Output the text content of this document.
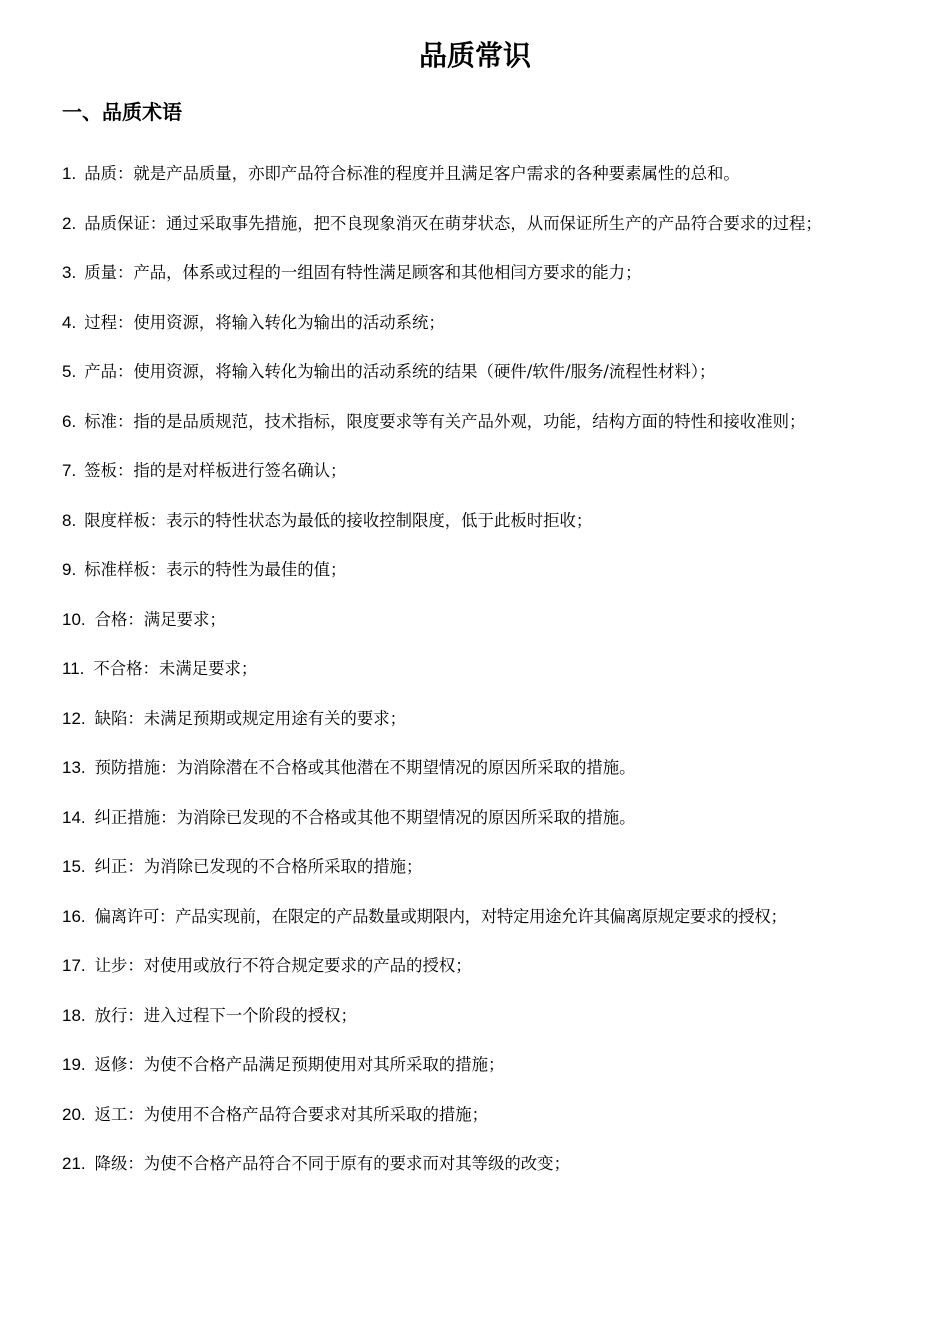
品质常识
一、品质术语
1. 品质：就是产品质量，亦即产品符合标准的程度并且满足客户需求的各种要素属性的总和。
2. 品质保证：通过采取事先措施，把不良现象消灭在萌芽状态，从而保证所生产的产品符合要求的过程；
3. 质量：产品，体系或过程的一组固有特性满足顾客和其他相闫方要求的能力；
4. 过程：使用资源，将输入转化为输出的活动系统；
5. 产品：使用资源，将输入转化为输出的活动系统的结果（硬件/软件/服务/流程性材料）；
6. 标准：指的是品质规范，技术指标，限度要求等有关产品外观，功能，结构方面的特性和接收准则；
7. 签板：指的是对样板进行签名确认；
8. 限度样板：表示的特性状态为最低的接收控制限度，低于此板时拒收；
9. 标准样板：表示的特性为最佳的值；
10. 合格：满足要求；
11. 不合格：未满足要求；
12. 缺陷：未满足预期或规定用途有关的要求；
13. 预防措施：为消除潜在不合格或其他潜在不期望情况的原因所采取的措施。
14. 纠正措施：为消除已发现的不合格或其他不期望情况的原因所采取的措施。
15. 纠正：为消除已发现的不合格所采取的措施；
16. 偏离许可：产品实现前，在限定的产品数量或期限内，对特定用途允许其偏离原规定要求的授权；
17. 让步：对使用或放行不符合规定要求的产品的授权；
18. 放行：进入过程下一个阶段的授权；
19. 返修：为使不合格产品满足预期使用对其所采取的措施；
20. 返工：为使用不合格产品符合要求对其所采取的措施；
21. 降级：为使不合格产品符合不同于原有的要求而对其等级的改变；
